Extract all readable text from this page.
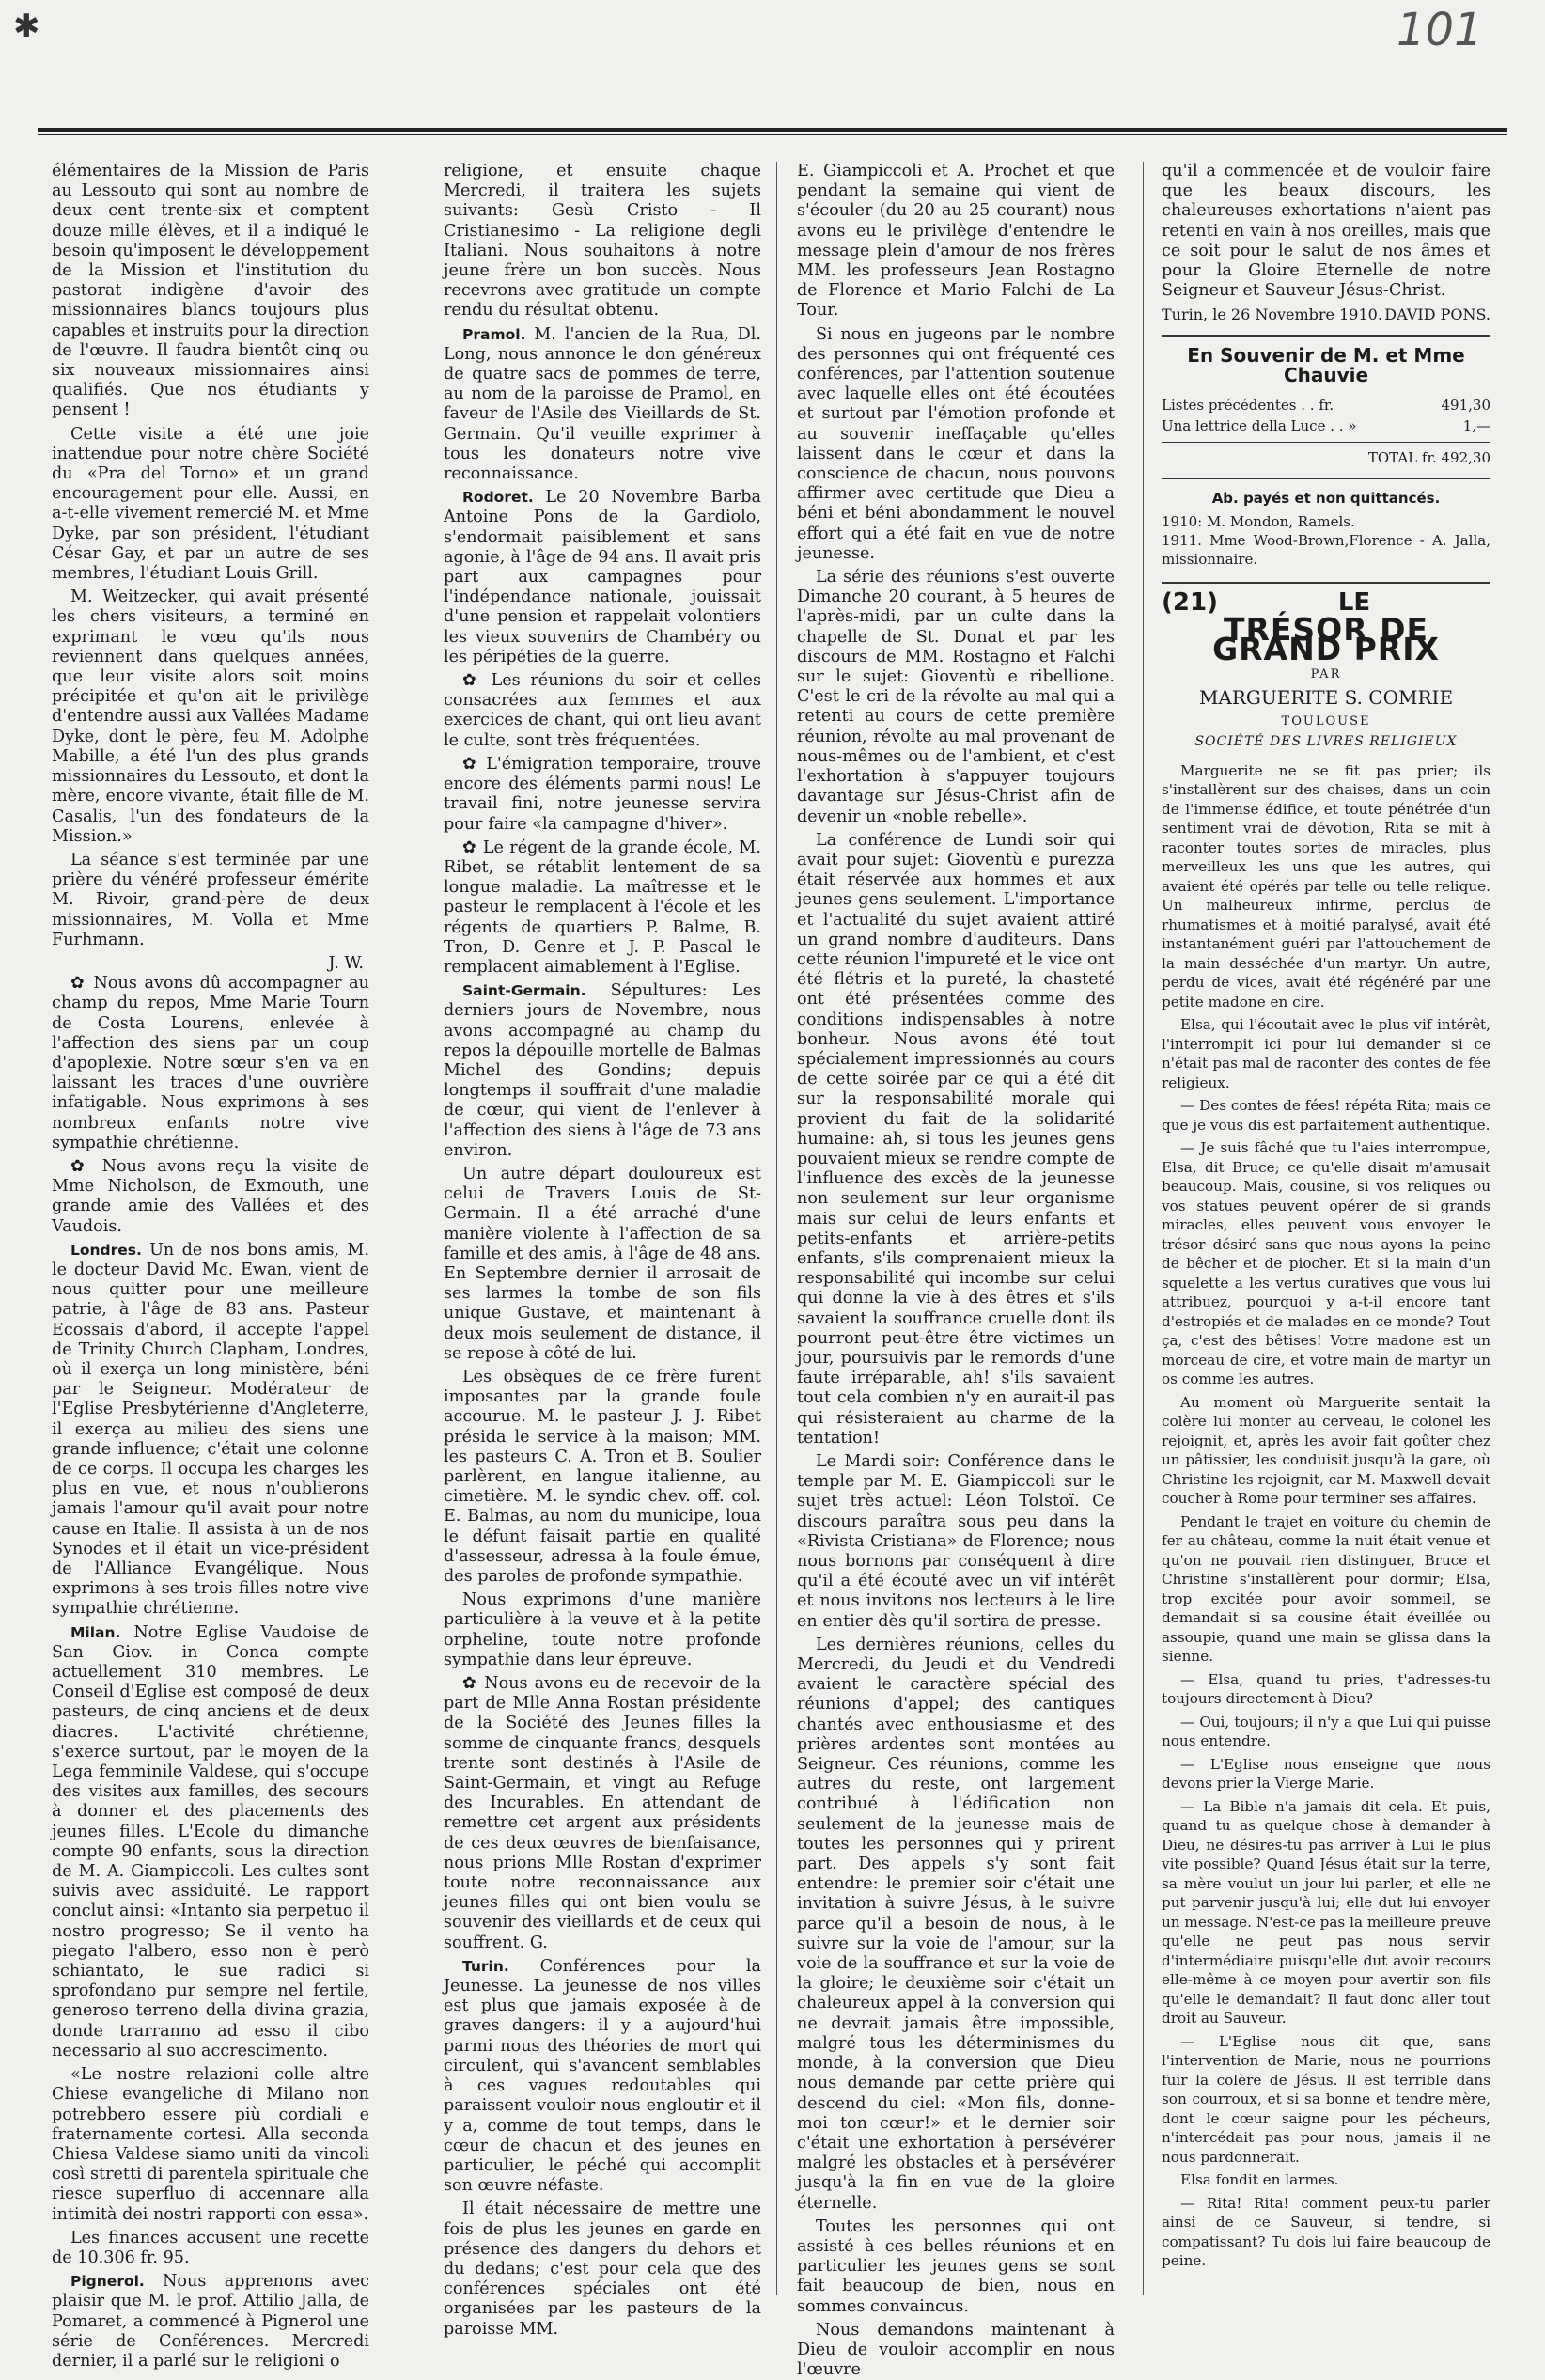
✱	101

élémentaires de la Mission de Paris au Lessouto qui sont au nombre de deux cent trente-six et comptent douze mille élèves, et il a indiqué le besoin qu'imposent le développement de la Mission et l'institution du pastorat indigène d'avoir des missionnaires blancs toujours plus capables et instruits pour la direction de l'œuvre. Il faudra bientôt cinq ou six nouveaux missionnaires ainsi qualifiés. Que nos étudiants y pensent !

Cette visite a été une joie inattendue pour notre chère Société du «Pra del Torno» et un grand encouragement pour elle. Aussi, en a-t-elle vivement remercié M. et Mme Dyke, par son président, l'étudiant César Gay, et par un autre de ses membres, l'étudiant Louis Grill.

M. Weitzecker, qui avait présenté les chers visiteurs, a terminé en exprimant le vœu qu'ils nous reviennent dans quelques années, que leur visite alors soit moins précipitée et qu'on ait le privilège d'entendre aussi aux Vallées Madame Dyke, dont le père, feu M. Adolphe Mabille, a été l'un des plus grands missionnaires du Lessouto, et dont la mère, encore vivante, était fille de M. Casalis, l'un des fondateurs de la Mission.»

La séance s'est terminée par une prière du vénéré professeur émérite M. Rivoir, grand-père de deux missionnaires, M. Volla et Mme Furhmann.

J. W.

✿ Nous avons dû accompagner au champ du repos, Mme Marie Tourn de Costa Lourens, enlevée à l'affection des siens par un coup d'apoplexie. Notre sœur s'en va en laissant les traces d'une ouvrière infatigable. Nous exprimons à ses nombreux enfants notre vive sympathie chrétienne.

✿ Nous avons reçu la visite de Mme Nicholson, de Exmouth, une grande amie des Vallées et des Vaudois.

Londres. Un de nos bons amis, M. le docteur David Mc. Ewan, vient de nous quitter pour une meilleure patrie, à l'âge de 83 ans. Pasteur Ecossais d'abord, il accepte l'appel de Trinity Church Clapham, Londres, où il exerça un long ministère, béni par le Seigneur. Modérateur de l'Eglise Presbytérienne d'Angleterre, il exerça au milieu des siens une grande influence; c'était une colonne de ce corps. Il occupa les charges les plus en vue, et nous n'oublierons jamais l'amour qu'il avait pour notre cause en Italie. Il assista à un de nos Synodes et il était un vice-président de l'Alliance Evangélique. Nous exprimons à ses trois filles notre vive sympathie chrétienne.

Milan. Notre Eglise Vaudoise de San Giov. in Conca compte actuellement 310 membres. Le Conseil d'Eglise est composé de deux pasteurs, de cinq anciens et de deux diacres. L'activité chrétienne, s'exerce surtout, par le moyen de la Lega femminile Valdese, qui s'occupe des visites aux familles, des secours à donner et des placements des jeunes filles. L'Ecole du dimanche compte 90 enfants, sous la direction de M. A. Giampiccoli. Les cultes sont suivis avec assiduité. Le rapport conclut ainsi: «Intanto sia perpetuo il nostro progresso; Se il vento ha piegato l'albero, esso non è però schiantato, le sue radici si sprofondano pur sempre nel fertile, generoso terreno della divina grazia, donde trarranno ad esso il cibo necessario al suo accrescimento.

«Le nostre relazioni colle altre Chiese evangeliche di Milano non potrebbero essere più cordiali e fraternamente cortesi. Alla seconda Chiesa Valdese siamo uniti da vincoli così stretti di parentela spirituale che riesce superfluo di accennare alla intimità dei nostri rapporti con essa».

Les finances accusent une recette de 10.306 fr. 95.

Pignerol. Nous apprenons avec plaisir que M. le prof. Attilio Jalla, de Pomaret, a commencé à Pignerol une série de Conférences. Mercredi dernier, il a parlé sur le religioni o

religione, et ensuite chaque Mercredi, il traitera les sujets suivants: Gesù Cristo - Il Cristianesimo - La religione degli Italiani. Nous souhaitons à notre jeune frère un bon succès. Nous recevrons avec gratitude un compte rendu du résultat obtenu.

Pramol. M. l'ancien de la Rua, Dl. Long, nous annonce le don généreux de quatre sacs de pommes de terre, au nom de la paroisse de Pramol, en faveur de l'Asile des Vieillards de St. Germain. Qu'il veuille exprimer à tous les donateurs notre vive reconnaissance.

Rodoret. Le 20 Novembre Barba Antoine Pons de la Gardiolo, s'endormait paisiblement et sans agonie, à l'âge de 94 ans. Il avait pris part aux campagnes pour l'indépendance nationale, jouissait d'une pension et rappelait volontiers les vieux souvenirs de Chambéry ou les péripéties de la guerre.

✿ Les réunions du soir et celles consacrées aux femmes et aux exercices de chant, qui ont lieu avant le culte, sont très fréquentées.

✿ L'émigration temporaire, trouve encore des éléments parmi nous! Le travail fini, notre jeunesse servira pour faire «la campagne d'hiver».

✿ Le régent de la grande école, M. Ribet, se rétablit lentement de sa longue maladie. La maîtresse et le pasteur le remplacent à l'école et les régents de quartiers P. Balme, B. Tron, D. Genre et J. P. Pascal le remplacent aimablement à l'Eglise.

Saint-Germain. Sépultures: Les derniers jours de Novembre, nous avons accompagné au champ du repos la dépouille mortelle de Balmas Michel des Gondins; depuis longtemps il souffrait d'une maladie de cœur, qui vient de l'enlever à l'affection des siens à l'âge de 73 ans environ.

Un autre départ douloureux est celui de Travers Louis de St-Germain. Il a été arraché d'une manière violente à l'affection de sa famille et des amis, à l'âge de 48 ans. En Septembre dernier il arrosait de ses larmes la tombe de son fils unique Gustave, et maintenant à deux mois seulement de distance, il se repose à côté de lui.

Les obsèques de ce frère furent imposantes par la grande foule accourue. M. le pasteur J. J. Ribet présida le service à la maison; MM. les pasteurs C. A. Tron et B. Soulier parlèrent, en langue italienne, au cimetière. M. le syndic chev. off. col. E. Balmas, au nom du municipe, loua le défunt faisait partie en qualité d'assesseur, adressa à la foule émue, des paroles de profonde sympathie.

Nous exprimons d'une manière particulière à la veuve et à la petite orpheline, toute notre profonde sympathie dans leur épreuve.

✿ Nous avons eu de recevoir de la part de Mlle Anna Rostan présidente de la Société des Jeunes filles la somme de cinquante francs, desquels trente sont destinés à l'Asile de Saint-Germain, et vingt au Refuge des Incurables. En attendant de remettre cet argent aux présidents de ces deux œuvres de bienfaisance, nous prions Mlle Rostan d'exprimer toute notre reconnaissance aux jeunes filles qui ont bien voulu se souvenir des vieillards et de ceux qui souffrent. G.

Turin. Conférences pour la Jeunesse. La jeunesse de nos villes est plus que jamais exposée à de graves dangers: il y a aujourd'hui parmi nous des théories de mort qui circulent, qui s'avancent semblables à ces vagues redoutables qui paraissent vouloir nous engloutir et il y a, comme de tout temps, dans le cœur de chacun et des jeunes en particulier, le péché qui accomplit son œuvre néfaste.

Il était nécessaire de mettre une fois de plus les jeunes en garde en présence des dangers du dehors et du dedans; c'est pour cela que des conférences spéciales ont été organisées par les pasteurs de la paroisse MM.

E. Giampiccoli et A. Prochet et que pendant la semaine qui vient de s'écouler (du 20 au 25 courant) nous avons eu le privilège d'entendre le message plein d'amour de nos frères MM. les professeurs Jean Rostagno de Florence et Mario Falchi de La Tour.

Si nous en jugeons par le nombre des personnes qui ont fréquenté ces conférences, par l'attention soutenue avec laquelle elles ont été écoutées et surtout par l'émotion profonde et au souvenir ineffaçable qu'elles laissent dans le cœur et dans la conscience de chacun, nous pouvons affirmer avec certitude que Dieu a béni et béni abondamment le nouvel effort qui a été fait en vue de notre jeunesse.

La série des réunions s'est ouverte Dimanche 20 courant, à 5 heures de l'après-midi, par un culte dans la chapelle de St. Donat et par les discours de MM. Rostagno et Falchi sur le sujet: Gioventù e ribellione. C'est le cri de la révolte au mal qui a retenti au cours de cette première réunion, révolte au mal provenant de nous-mêmes ou de l'ambient, et c'est l'exhortation à s'appuyer toujours davantage sur Jésus-Christ afin de devenir un «noble rebelle».

La conférence de Lundi soir qui avait pour sujet: Gioventù e purezza était réservée aux hommes et aux jeunes gens seulement. L'importance et l'actualité du sujet avaient attiré un grand nombre d'auditeurs. Dans cette réunion l'impureté et le vice ont été flétris et la pureté, la chasteté ont été présentées comme des conditions indispensables à notre bonheur. Nous avons été tout spécialement impressionnés au cours de cette soirée par ce qui a été dit sur la responsabilité morale qui provient du fait de la solidarité humaine: ah, si tous les jeunes gens pouvaient mieux se rendre compte de l'influence des excès de la jeunesse non seulement sur leur organisme mais sur celui de leurs enfants et petits-enfants et arrière-petits enfants, s'ils comprenaient mieux la responsabilité qui incombe sur celui qui donne la vie à des êtres et s'ils savaient la souffrance cruelle dont ils pourront peut-être être victimes un jour, poursuivis par le remords d'une faute irréparable, ah! s'ils savaient tout cela combien n'y en aurait-il pas qui résisteraient au charme de la tentation!

Le Mardi soir: Conférence dans le temple par M. E. Giampiccoli sur le sujet très actuel: Léon Tolstoï. Ce discours paraîtra sous peu dans la «Rivista Cristiana» de Florence; nous nous bornons par conséquent à dire qu'il a été écouté avec un vif intérêt et nous invitons nos lecteurs à le lire en entier dès qu'il sortira de presse.

Les dernières réunions, celles du Mercredi, du Jeudi et du Vendredi avaient le caractère spécial des réunions d'appel; des cantiques chantés avec enthousiasme et des prières ardentes sont montées au Seigneur. Ces réunions, comme les autres du reste, ont largement contribué à l'édification non seulement de la jeunesse mais de toutes les personnes qui y prirent part. Des appels s'y sont fait entendre: le premier soir c'était une invitation à suivre Jésus, à le suivre parce qu'il a besoin de nous, à le suivre sur la voie de l'amour, sur la voie de la souffrance et sur la voie de la gloire; le deuxième soir c'était un chaleureux appel à la conversion qui ne devrait jamais être impossible, malgré tous les déterminismes du monde, à la conversion que Dieu nous demande par cette prière qui descend du ciel: «Mon fils, donne-moi ton cœur!» et le dernier soir c'était une exhortation à persévérer malgré les obstacles et à persévérer jusqu'à la fin en vue de la gloire éternelle.

Toutes les personnes qui ont assisté à ces belles réunions et en particulier les jeunes gens se sont fait beaucoup de bien, nous en sommes convaincus.

Nous demandons maintenant à Dieu de vouloir accomplir en nous l'œuvre

qu'il a commencée et de vouloir faire que les beaux discours, les chaleureuses exhortations n'aient pas retenti en vain à nos oreilles, mais que ce soit pour le salut de nos âmes et pour la Gloire Eternelle de notre Seigneur et Sauveur Jésus-Christ.

Turin, le 26 Novembre 1910. DAVID PONS.
En Souvenir de M. et Mme Chauvie
Listes précédentes . . fr.	491,30
Una lettrice della Luce . . »	1,—
TOTAL fr. 492,30
Ab. payés et non quittancés.
1910: M. Mondon, Ramels.
1911. Mme Wood-Brown,Florence - A. Jalla, missionnaire.
(21)	LE
TRÉSOR DE GRAND PRIX
PAR
MARGUERITE S. COMRIE
TOULOUSE
SOCIÉTÉ DES LIVRES RELIGIEUX

Marguerite ne se fit pas prier; ils s'installèrent sur des chaises, dans un coin de l'immense édifice, et toute pénétrée d'un sentiment vrai de dévotion, Rita se mit à raconter toutes sortes de miracles, plus merveilleux les uns que les autres, qui avaient été opérés par telle ou telle relique. Un malheureux infirme, perclus de rhumatismes et à moitié paralysé, avait été instantanément guéri par l'attouchement de la main desséchée d'un martyr. Un autre, perdu de vices, avait été régénéré par une petite madone en cire.

Elsa, qui l'écoutait avec le plus vif intérêt, l'interrompit ici pour lui demander si ce n'était pas mal de raconter des contes de fée religieux.

— Des contes de fées! répéta Rita; mais ce que je vous dis est parfaitement authentique.

— Je suis fâché que tu l'aies interrompue, Elsa, dit Bruce; ce qu'elle disait m'amusait beaucoup. Mais, cousine, si vos reliques ou vos statues peuvent opérer de si grands miracles, elles peuvent vous envoyer le trésor désiré sans que nous ayons la peine de bêcher et de piocher. Et si la main d'un squelette a les vertus curatives que vous lui attribuez, pourquoi y a-t-il encore tant d'estropiés et de malades en ce monde? Tout ça, c'est des bêtises! Votre madone est un morceau de cire, et votre main de martyr un os comme les autres.

Au moment où Marguerite sentait la colère lui monter au cerveau, le colonel les rejoignit, et, après les avoir fait goûter chez un pâtissier, les conduisit jusqu'à la gare, où Christine les rejoignit, car M. Maxwell devait coucher à Rome pour terminer ses affaires.

Pendant le trajet en voiture du chemin de fer au château, comme la nuit était venue et qu'on ne pouvait rien distinguer, Bruce et Christine s'installèrent pour dormir; Elsa, trop excitée pour avoir sommeil, se demandait si sa cousine était éveillée ou assoupie, quand une main se glissa dans la sienne.

— Elsa, quand tu pries, t'adresses-tu toujours directement à Dieu?

— Oui, toujours; il n'y a que Lui qui puisse nous entendre.

— L'Eglise nous enseigne que nous devons prier la Vierge Marie.

— La Bible n'a jamais dit cela. Et puis, quand tu as quelque chose à demander à Dieu, ne désires-tu pas arriver à Lui le plus vite possible? Quand Jésus était sur la terre, sa mère voulut un jour lui parler, et elle ne put parvenir jusqu'à lui; elle dut lui envoyer un message. N'est-ce pas la meilleure preuve qu'elle ne peut pas nous servir d'intermédiaire puisqu'elle dut avoir recours elle-même à ce moyen pour avertir son fils qu'elle le demandait? Il faut donc aller tout droit au Sauveur.

— L'Eglise nous dit que, sans l'intervention de Marie, nous ne pourrions fuir la colère de Jésus. Il est terrible dans son courroux, et si sa bonne et tendre mère, dont le cœur saigne pour les pécheurs, n'intercédait pas pour nous, jamais il ne nous pardonnerait.

Elsa fondit en larmes.

— Rita! Rita! comment peux-tu parler ainsi de ce Sauveur, si tendre, si compatissant? Tu dois lui faire beaucoup de peine.
